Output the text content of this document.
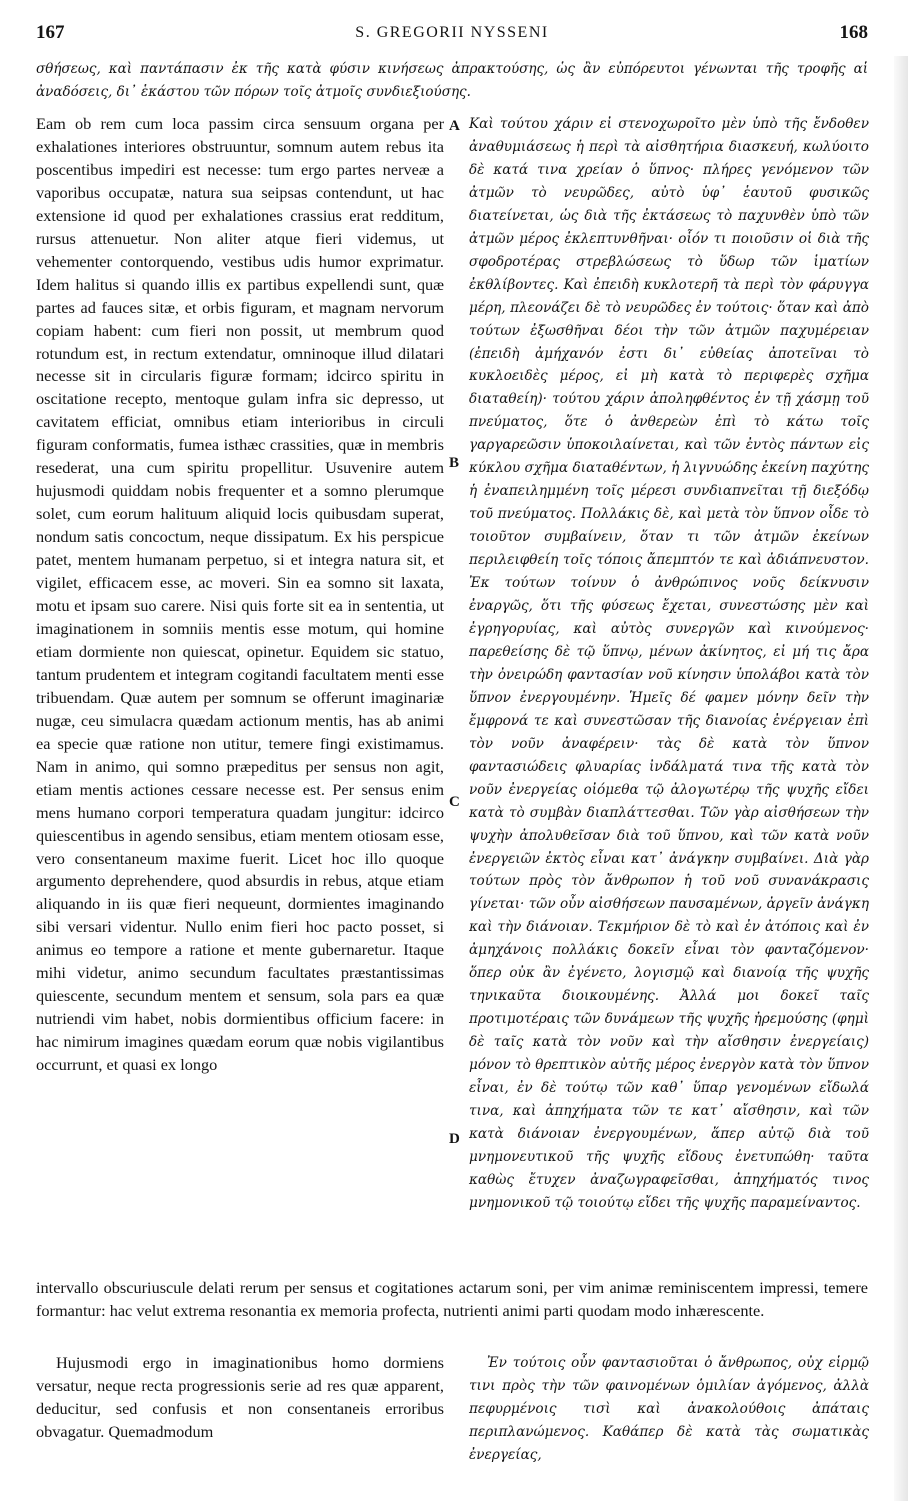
167	S. GREGORII NYSSENI	168
σθήσεως, καὶ παντάπασιν ἐκ τῆς κατὰ φύσιν κινήσεως ἀπρακτούσης, ὡς ἂν εὐπόρευτοι γένωνται τῆς τροφῆς αἱ ἀναδόσεις, δι᾽ ἑκάστου τῶν πόρων τοῖς ἀτμοῖς συνδιεξιούσης.
Eam ob rem cum loca passim circa sensuum organa per exhalationes interiores obstruuntur, somnum autem rebus ita poscentibus impediri est necesse: tum ergo partes nerveæ a vaporibus occupatæ, natura sua seipsas contendunt, ut hac extensione id quod per exhalationes crassius erat redditum, rursus attenuetur. Non aliter atque fieri videmus, ut vehementer contorquendo, vestibus udis humor exprimatur. Idem halitus si quando illis ex partibus expellendi sunt, quæ partes ad fauces sitæ, et orbis figuram, et magnam nervorum copiam habent: cum fieri non possit, ut membrum quod rotundum est, in rectum extendatur, omninoque illud dilatari necesse sit in circularis figuræ formam; idcirco spiritu in oscitatione recepto, mentoque gulam infra sic depresso, ut cavitatem efficiat, omnibus etiam interioribus in circuli figuram conformatis, fumea isthæc crassities, quæ in membris resederat, una cum spiritu propellitur. Usuvenire autem hujusmodi quiddam nobis frequenter et a somno plerumque solet, cum eorum halituum aliquid locis quibusdam superat, nondum satis concoctum, neque dissipatum. Ex his perspicue patet, mentem humanam perpetuo, si et integra natura sit, et vigilet, efficacem esse, ac moveri. Sin ea somno sit laxata, motu et ipsam suo carere. Nisi quis forte sit ea in sententia, ut imaginationem in somniis mentis esse motum, qui homine etiam dormiente non quiescat, opinetur. Equidem sic statuo, tantum prudentem et integram cogitandi facultatem menti esse tribuendam. Quæ autem per somnum se offerunt imaginariæ nugæ, ceu simulacra quædam actionum mentis, has ab animi ea specie quæ ratione non utitur, temere fingi existimamus. Nam in animo, qui somno præpeditus per sensus non agit, etiam mentis actiones cessare necesse est. Per sensus enim mens humano corpori temperatura quadam jungitur: idcirco quiescentibus in agendo sensibus, etiam mentem otiosam esse, vero consentaneum maxime fuerit. Licet hoc illo quoque argumento deprehendere, quod absurdis in rebus, atque etiam aliquando in iis quæ fieri nequeunt, dormientes imaginando sibi versari videntur. Nullo enim fieri hoc pacto posset, si animus eo tempore a ratione et mente gubernaretur. Itaque mihi videtur, animo secundum facultates præstantissimas quiescente, secundum mentem et sensum, sola pars ea quæ nutriendi vim habet, nobis dormientibus officium facere: in hac nimirum imagines quædam eorum quæ nobis vigilantibus occurrunt, et quasi ex longo
A
B
C
D
Καὶ τούτου χάριν εἰ στενοχωροῖτο μὲν ὑπὸ τῆς ἔνδοθεν ἀναθυμιάσεως ἡ περὶ τὰ αἰσθητήρια διασκευή, κωλύοιτο δὲ κατά τινα χρείαν ὁ ὕπνος· πλήρες γενόμενον τῶν ἀτμῶν τὸ νευρῶδες, αὐτὸ ὑφ᾽ ἑαυτοῦ φυσικῶς διατείνεται, ὡς διὰ τῆς ἐκτάσεως τὸ παχυνθὲν ὑπὸ τῶν ἀτμῶν μέρος ἐκλεπτυνθῆναι· οἷόν τι ποιοῦσιν οἱ διὰ τῆς σφοδροτέρας στρεβλώσεως τὸ ὕδωρ τῶν ἱματίων ἐκθλίβοντες. Καὶ ἐπειδὴ κυκλοτερῆ τὰ περὶ τὸν φάρυγγα μέρη, πλεονάζει δὲ τὸ νευρῶδες ἐν τούτοις· ὅταν καὶ ἀπὸ τούτων ἐξωσθῆναι δέοι τὴν τῶν ἀτμῶν παχυμέρειαν (ἐπειδὴ ἀμήχανόν ἐστι δι᾽ εὐθείας ἀποτεῖναι τὸ κυκλοειδὲς μέρος, εἰ μὴ κατὰ τὸ περιφερὲς σχῆμα διαταθείη)· τούτου χάριν ἀποληφθέντος ἐν τῇ χάσμῃ τοῦ πνεύματος, ὅτε ὁ ἀνθερεὼν ἐπὶ τὸ κάτω τοῖς γαργαρεῶσιν ὑποκοιλαίνεται, καὶ τῶν ἐντὸς πάντων εἰς κύκλου σχῆμα διαταθέντων, ἡ λιγνυώδης ἐκείνη παχύτης ἡ ἐναπειλημμένη τοῖς μέρεσι συνδιαπνεῖται τῇ διεξόδῳ τοῦ πνεύματος. Πολλάκις δὲ, καὶ μετὰ τὸν ὕπνον οἶδε τὸ τοιοῦτον συμβαίνειν, ὅταν τι τῶν ἀτμῶν ἐκείνων περιλειφθείη τοῖς τόποις ἄπεμπτόν τε καὶ ἀδιάπνευστον. Ἐκ τούτων τοίνυν ὁ ἀνθρώπινος νοῦς δείκνυσιν ἐναργῶς, ὅτι τῆς φύσεως ἔχεται, συνεστώσης μὲν καὶ ἐγρηγορυίας, καὶ αὐτὸς συνεργῶν καὶ κινούμενος· παρεθείσης δὲ τῷ ὕπνῳ, μένων ἀκίνητος, εἰ μή τις ἄρα τὴν ὀνειρώδη φαντασίαν νοῦ κίνησιν ὑπολάβοι κατὰ τὸν ὕπνον ἐνεργουμένην. Ἡμεῖς δέ φαμεν μόνην δεῖν τὴν ἔμφρονά τε καὶ συνεστῶσαν τῆς διανοίας ἐνέργειαν ἐπὶ τὸν νοῦν ἀναφέρειν· τὰς δὲ κατὰ τὸν ὕπνον φαντασιώδεις φλυαρίας ἰνδάλματά τινα τῆς κατὰ τὸν νοῦν ἐνεργείας οἰόμεθα τῷ ἀλογωτέρῳ τῆς ψυχῆς εἴδει κατὰ τὸ συμβὰν διαπλάττεσθαι. Τῶν γὰρ αἰσθήσεων τὴν ψυχὴν ἀπολυθεῖσαν διὰ τοῦ ὕπνου, καὶ τῶν κατὰ νοῦν ἐνεργειῶν ἐκτὸς εἶναι κατ᾽ ἀνάγκην συμβαίνει. Διὰ γὰρ τούτων πρὸς τὸν ἄνθρωπον ἡ τοῦ νοῦ συνανάκρασις γίνεται· τῶν οὖν αἰσθήσεων παυσαμένων, ἀργεῖν ἀνάγκη καὶ τὴν διάνοιαν. Τεκμήριον δὲ τὸ καὶ ἐν ἀτόποις καὶ ἐν ἀμηχάνοις πολλάκις δοκεῖν εἶναι τὸν φανταζόμενον· ὅπερ οὐκ ἂν ἐγένετο, λογισμῷ καὶ διανοίᾳ τῆς ψυχῆς τηνικαῦτα διοικουμένης. Ἀλλά μοι δοκεῖ ταῖς προτιμοτέραις τῶν δυνάμεων τῆς ψυχῆς ἠρεμούσης (φημὶ δὲ ταῖς κατὰ τὸν νοῦν καὶ τὴν αἴσθησιν ἐνεργείαις) μόνον τὸ θρεπτικὸν αὐτῆς μέρος ἐνεργὸν κατὰ τὸν ὕπνον εἶναι, ἐν δὲ τούτῳ τῶν καθ᾽ ὕπαρ γενομένων εἴδωλά τινα, καὶ ἀπηχήματα τῶν τε κατ᾽ αἴσθησιν, καὶ τῶν κατὰ διάνοιαν ἐνεργουμένων, ἅπερ αὐτῷ διὰ τοῦ μνημονευτικοῦ τῆς ψυχῆς εἴδους ἐνετυπώθη· ταῦτα καθὼς ἔτυχεν ἀναζωγραφεῖσθαι, ἀπηχήματός τινος μνημονικοῦ τῷ τοιούτῳ εἴδει τῆς ψυχῆς παραμείναντος.
intervallo obscuriuscule delati rerum per sensus et cogitationes actarum soni, per vim animæ reminiscentem impressi, temere formantur: hac velut extrema resonantia ex memoria profecta, nutrienti animi parti quodam modo inhærescente.
Hujusmodi ergo in imaginationibus homo dormiens versatur, neque recta progressionis serie ad res quæ apparent, deducitur, sed confusis et non consentaneis erroribus obvagatur. Quemadmodum
Ἐν τούτοις οὖν φαντασιοῦται ὁ ἄνθρωπος, οὐχ εἱρμῷ τινι πρὸς τὴν τῶν φαινομένων ὁμιλίαν ἀγόμενος, ἀλλὰ πεφυρμένοις τισὶ καὶ ἀνακολούθοις ἀπάταις περιπλανώμενος. Καθάπερ δὲ κατὰ τὰς σωματικὰς ἐνεργείας,
